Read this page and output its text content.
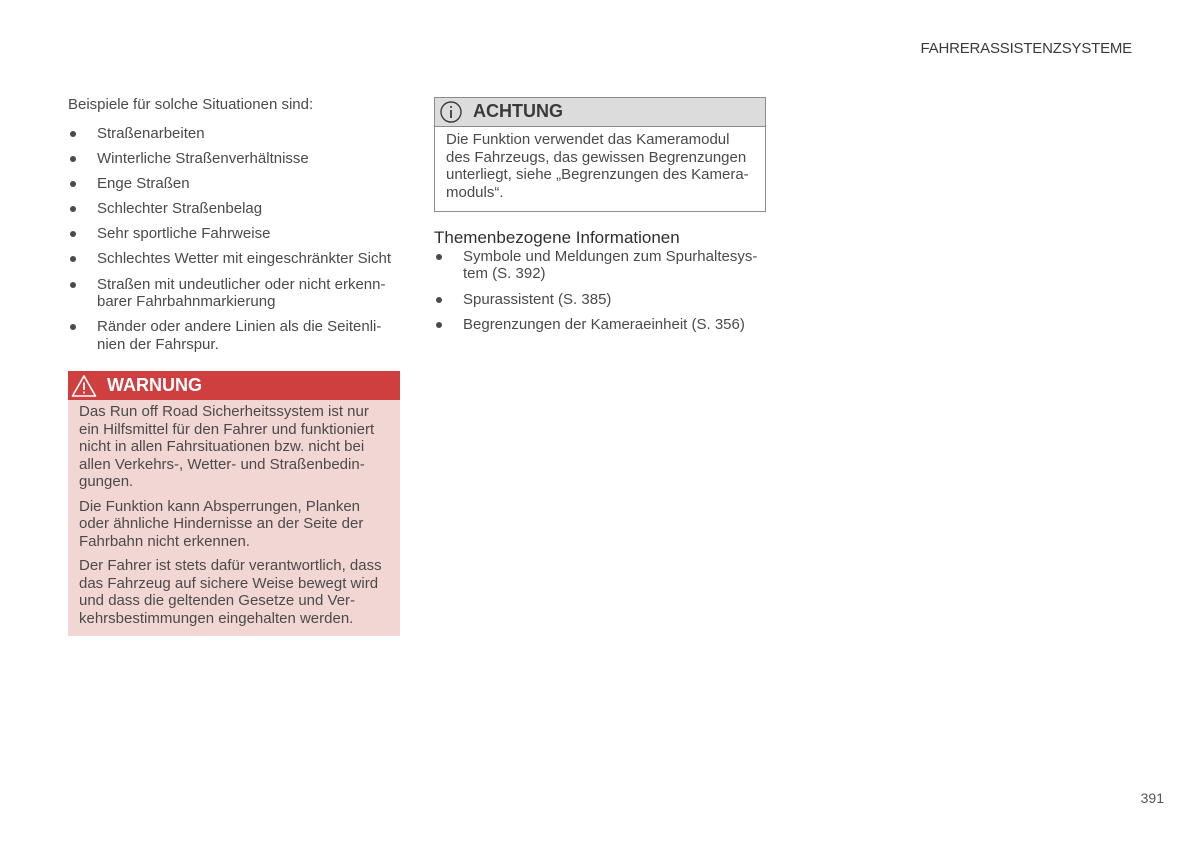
FAHRERASSISTENZSYSTEME

Beispiele für solche Situationen sind:

Straßenarbeiten
Winterliche Straßenverhältnisse
Enge Straßen
Schlechter Straßenbelag
Sehr sportliche Fahrweise
Schlechtes Wetter mit eingeschränkter Sicht
Straßen mit undeutlicher oder nicht erkenn-
barer Fahrbahnmarkierung
Ränder oder andere Linien als die Seitenli-
nien der Fahrspur.
WARNUNG

Das Run off Road Sicherheitssystem ist nur
ein Hilfsmittel für den Fahrer und funktioniert
nicht in allen Fahrsituationen bzw. nicht bei
allen Verkehrs-, Wetter- und Straßenbedin-
gungen.

Die Funktion kann Absperrungen, Planken
oder ähnliche Hindernisse an der Seite der
Fahrbahn nicht erkennen.

Der Fahrer ist stets dafür verantwortlich, dass
das Fahrzeug auf sichere Weise bewegt wird
und dass die geltenden Gesetze und Ver-
kehrsbestimmungen eingehalten werden.

ACHTUNG
Die Funktion verwendet das Kameramodul
des Fahrzeugs, das gewissen Begrenzungen
unterliegt, siehe „Begrenzungen des Kamera-
moduls“.
Themenbezogene Informationen
Symbole und Meldungen zum Spurhaltesys-
tem (S. 392)
Spurassistent (S. 385)
Begrenzungen der Kameraeinheit (S. 356)
391
